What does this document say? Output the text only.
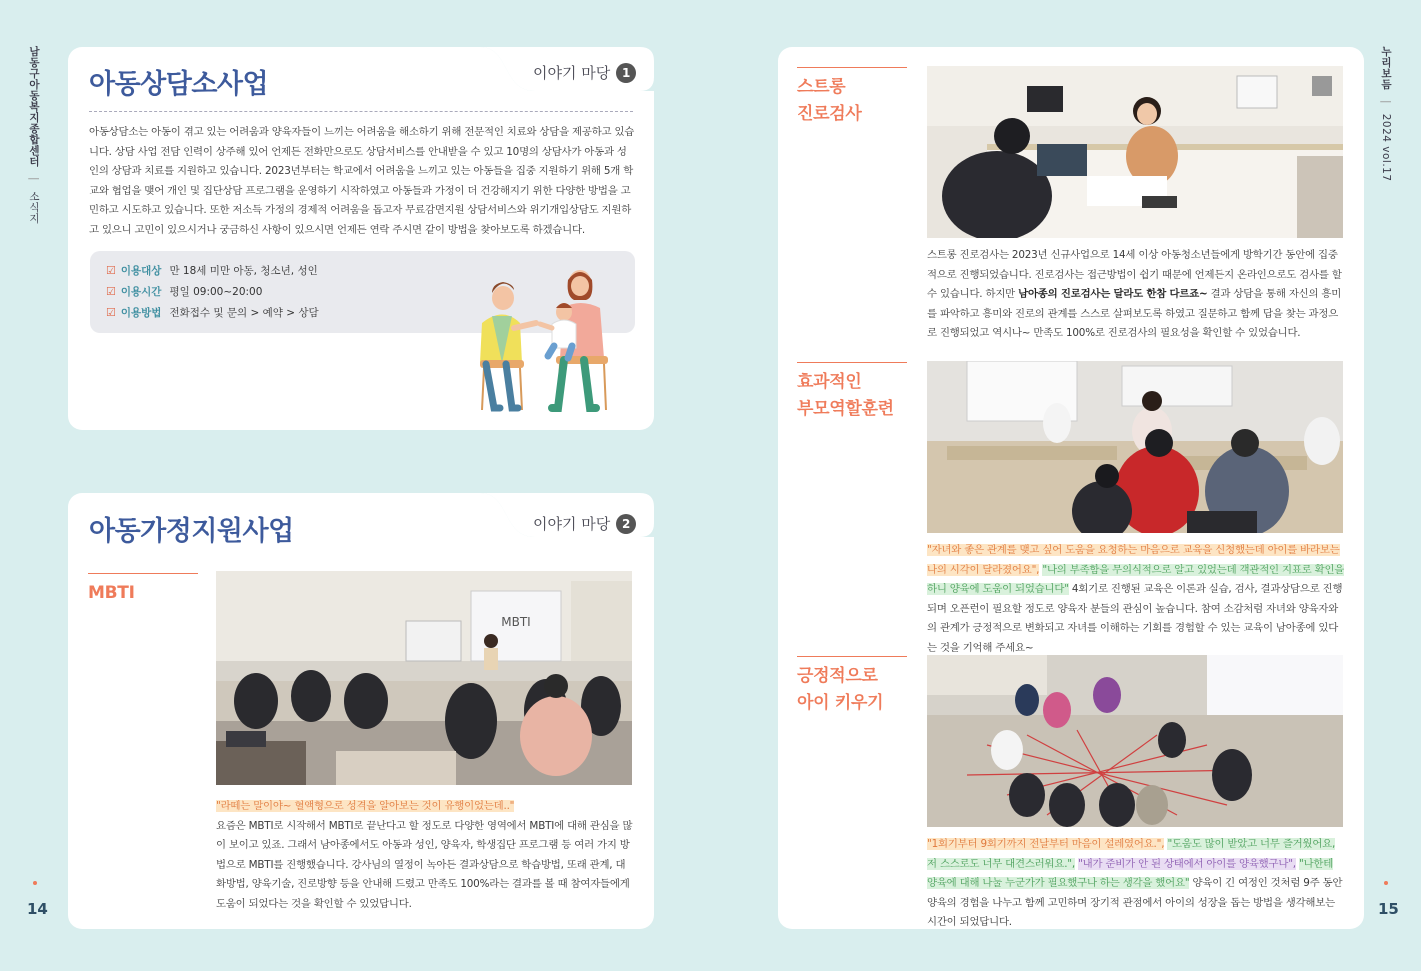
남동구아동복지종합센터 | 소식지
14
누리보듬 | 2024 vol.17
15
이야기 마당 1
아동상담소사업
아동상담소는 아동이 겪고 있는 어려움과 양육자들이 느끼는 어려움을 해소하기 위해 전문적인 치료와 상담을 제공하고 있습니다. 상담 사업 전담 인력이 상주해 있어 언제든 전화만으로도 상담서비스를 안내받을 수 있고 10명의 상담사가 아동과 성인의 상담과 치료를 지원하고 있습니다. 2023년부터는 학교에서 어려움을 느끼고 있는 아동들을 집중 지원하기 위해 5개 학교와 협업을 맺어 개인 및 집단상담 프로그램을 운영하기 시작하였고 아동들과 가정이 더 건강해지기 위한 다양한 방법을 고민하고 시도하고 있습니다. 또한 저소득 가정의 경제적 어려움을 돕고자 무료감면지원 상담서비스와 위기개입상담도 지원하고 있으니 고민이 있으시거나 궁금하신 사항이 있으시면 언제든 연락 주시면 같이 방법을 찾아보도록 하겠습니다.
☑ 이용대상 만 18세 미만 아동, 청소년, 성인
☑ 이용시간 평일 09:00~20:00
☑ 이용방법 전화접수 및 문의 > 예약 > 상담
이야기 마당 2
아동가정지원사업
MBTI
MBTI
"라떼는 말이야~ 혈액형으로 성격을 알아보는 것이 유행이었는데.."
요즘은 MBTI로 시작해서 MBTI로 끝난다고 할 정도로 다양한 영역에서 MBTI에 대해 관심을 많이 보이고 있죠. 그래서 남아종에서도 아동과 성인, 양육자, 학생집단 프로그램 등 여러 가지 방법으로 MBTI를 진행했습니다. 강사님의 열정이 녹아든 결과상담으로 학습방법, 또래 관계, 대화방법, 양육기술, 진로방향 등을 안내해 드렸고 만족도 100%라는 결과를 볼 때 참여자들에게 도움이 되었다는 것을 확인할 수 있었답니다.
스트롱
진로검사
스트롱 진로검사는 2023년 신규사업으로 14세 이상 아동청소년들에게 방학기간 동안에 집중적으로 진행되었습니다. 진로검사는 접근방법이 쉽기 때문에 언제든지 온라인으로도 검사를 할 수 있습니다. 하지만 남아종의 진로검사는 달라도 한참 다르죠~ 결과 상담을 통해 자신의 흥미를 파악하고 흥미와 진로의 관계를 스스로 살펴보도록 하였고 질문하고 함께 답을 찾는 과정으로 진행되었고 역시나~ 만족도 100%로 진로검사의 필요성을 확인할 수 있었습니다.
효과적인
부모역할훈련
"자녀와 좋은 관계를 맺고 싶어 도움을 요청하는 마음으로 교육을 신청했는데 아이를 바라보는 나의 시각이 달라졌어요", "나의 부족함을 무의식적으로 알고 있었는데 객관적인 지표로 확인을 하니 양육에 도움이 되었습니다" 4회기로 진행된 교육은 이론과 실습, 검사, 결과상담으로 진행되며 오픈런이 필요할 정도로 양육자 분들의 관심이 높습니다. 참여 소감처럼 자녀와 양육자와의 관계가 긍정적으로 변화되고 자녀를 이해하는 기회를 경험할 수 있는 교육이 남아종에 있다는 것을 기억해 주세요~
긍정적으로
아이 키우기
"1회기부터 9회기까지 전날부터 마음이 설레였어요.", "도움도 많이 받았고 너무 즐거웠어요, 저 스스로도 너무 대견스러워요.", "내가 준비가 안 된 상태에서 아이를 양육했구나", "나한테 양육에 대해 나눌 누군가가 필요했구나 하는 생각을 했어요" 양육이 긴 여정인 것처럼 9주 동안 양육의 경험을 나누고 함께 고민하며 장기적 관점에서 아이의 성장을 돕는 방법을 생각해보는 시간이 되었답니다.
